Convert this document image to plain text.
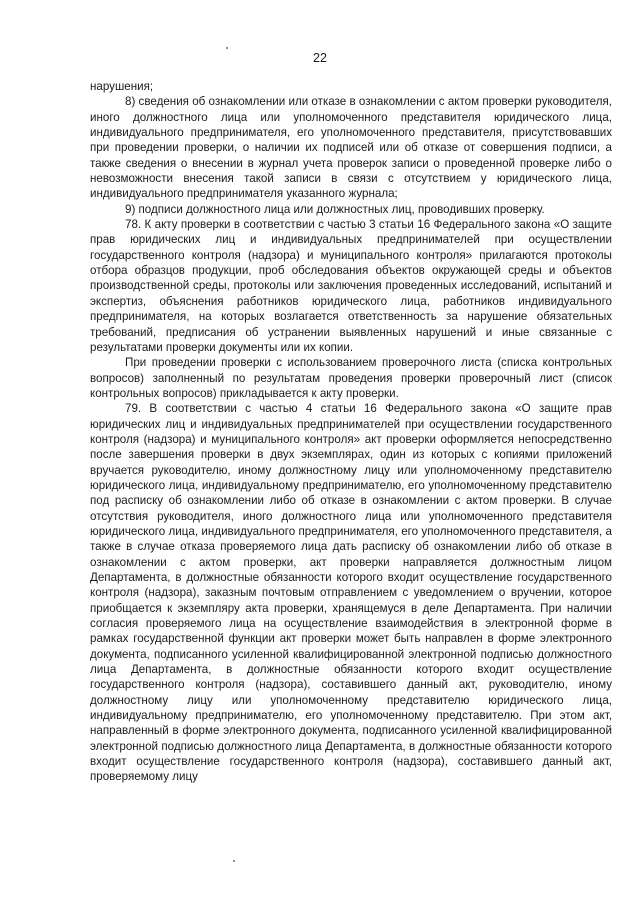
22

нарушения;

8) сведения об ознакомлении или отказе в ознакомлении с актом проверки руководителя, иного должностного лица или уполномоченного представителя юридического лица, индивидуального предпринимателя, его уполномоченного представителя, присутствовавших при проведении проверки, о наличии их подписей или об отказе от совершения подписи, а также сведения о внесении в журнал учета проверок записи о проведенной проверке либо о невозможности внесения такой записи в связи с отсутствием у юридического лица, индивидуального предпринимателя указанного журнала;

9) подписи должностного лица или должностных лиц, проводивших проверку.

78. К акту проверки в соответствии с частью 3 статьи 16 Федерального закона «О защите прав юридических лиц и индивидуальных предпринимателей при осуществлении государственного контроля (надзора) и муниципального контроля» прилагаются протоколы отбора образцов продукции, проб обследования объектов окружающей среды и объектов производственной среды, протоколы или заключения проведенных исследований, испытаний и экспертиз, объяснения работников юридического лица, работников индивидуального предпринимателя, на которых возлагается ответственность за нарушение обязательных требований, предписания об устранении выявленных нарушений и иные связанные с результатами проверки документы или их копии.

При проведении проверки с использованием проверочного листа (списка контрольных вопросов) заполненный по результатам проведения проверки проверочный лист (список контрольных вопросов) прикладывается к акту проверки.

79. В соответствии с частью 4 статьи 16 Федерального закона «О защите прав юридических лиц и индивидуальных предпринимателей при осуществлении государственного контроля (надзора) и муниципального контроля» акт проверки оформляется непосредственно после завершения проверки в двух экземплярах, один из которых с копиями приложений вручается руководителю, иному должностному лицу или уполномоченному представителю юридического лица, индивидуальному предпринимателю, его уполномоченному представителю под расписку об ознакомлении либо об отказе в ознакомлении с актом проверки. В случае отсутствия руководителя, иного должностного лица или уполномоченного представителя юридического лица, индивидуального предпринимателя, его уполномоченного представителя, а также в случае отказа проверяемого лица дать расписку об ознакомлении либо об отказе в ознакомлении с актом проверки, акт проверки направляется должностным лицом Департамента, в должностные обязанности которого входит осуществление государственного контроля (надзора), заказным почтовым отправлением с уведомлением о вручении, которое приобщается к экземпляру акта проверки, хранящемуся в деле Департамента. При наличии согласия проверяемого лица на осуществление взаимодействия в электронной форме в рамках государственной функции акт проверки может быть направлен в форме электронного документа, подписанного усиленной квалифицированной электронной подписью должностного лица Департамента, в должностные обязанности которого входит осуществление государственного контроля (надзора), составившего данный акт, руководителю, иному должностному лицу или уполномоченному представителю юридического лица, индивидуальному предпринимателю, его уполномоченному представителю. При этом акт, направленный в форме электронного документа, подписанного усиленной квалифицированной электронной подписью должностного лица Департамента, в должностные обязанности которого входит осуществление государственного контроля (надзора), составившего данный акт, проверяемому лицу
